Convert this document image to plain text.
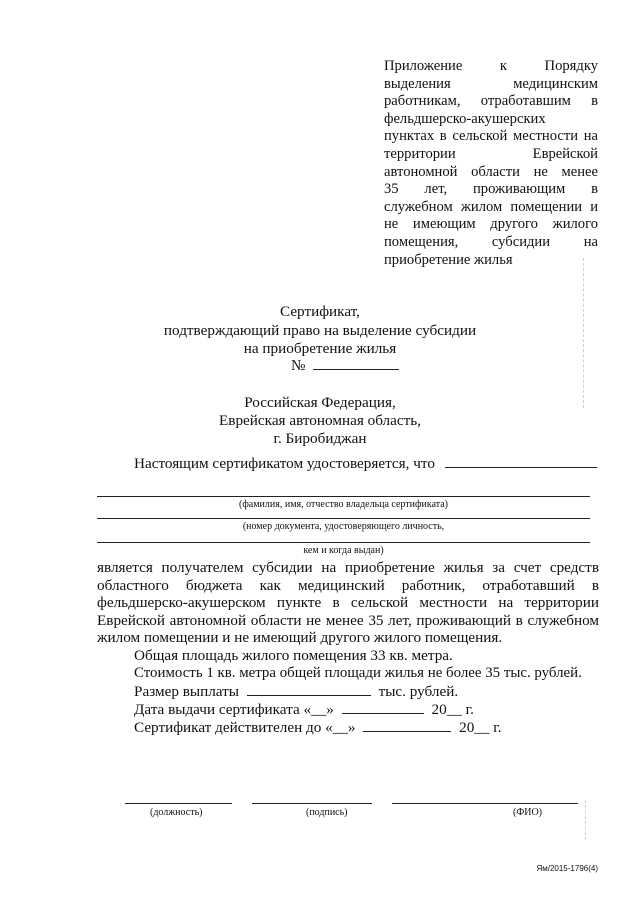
Приложение к Порядку
выделения медицинским
работникам, отработавшим в
фельдшерско-акушерских
пунктах в сельской местности на
территории Еврейской
автономной области не менее
35 лет, проживающим в
служебном жилом помещении и
не имеющим другого жилого
помещения, субсидии на
приобретение жилья
Сертификат,
подтверждающий право на выделение субсидии
на приобретение жилья
№
Российская Федерация,
Еврейская автономная область,
г. Биробиджан
Настоящим сертификатом удостоверяется, что
(фамилия, имя, отчество владельца сертификата)
(номер документа, удостоверяющего личность,
кем и когда выдан)
является получателем субсидии на приобретение жилья за счет средств
областного бюджета как медицинский работник, отработавший в
фельдшерско-акушерском пункте в сельской местности на территории
Еврейской автономной области не менее 35 лет, проживающий в служебном
жилом помещении и не имеющий другого жилого помещения.
Общая площадь жилого помещения 33 кв. метра.
Стоимость 1 кв. метра общей площади жилья не более 35 тыс. рублей.
Размер выплаты	тыс. рублей.
Дата выдачи сертификата «__»	20__ г.
Сертификат действителен до «__»	20__ г.
(должность)	(подпись)	(ФИО)
Ям/2015-1796(4)
